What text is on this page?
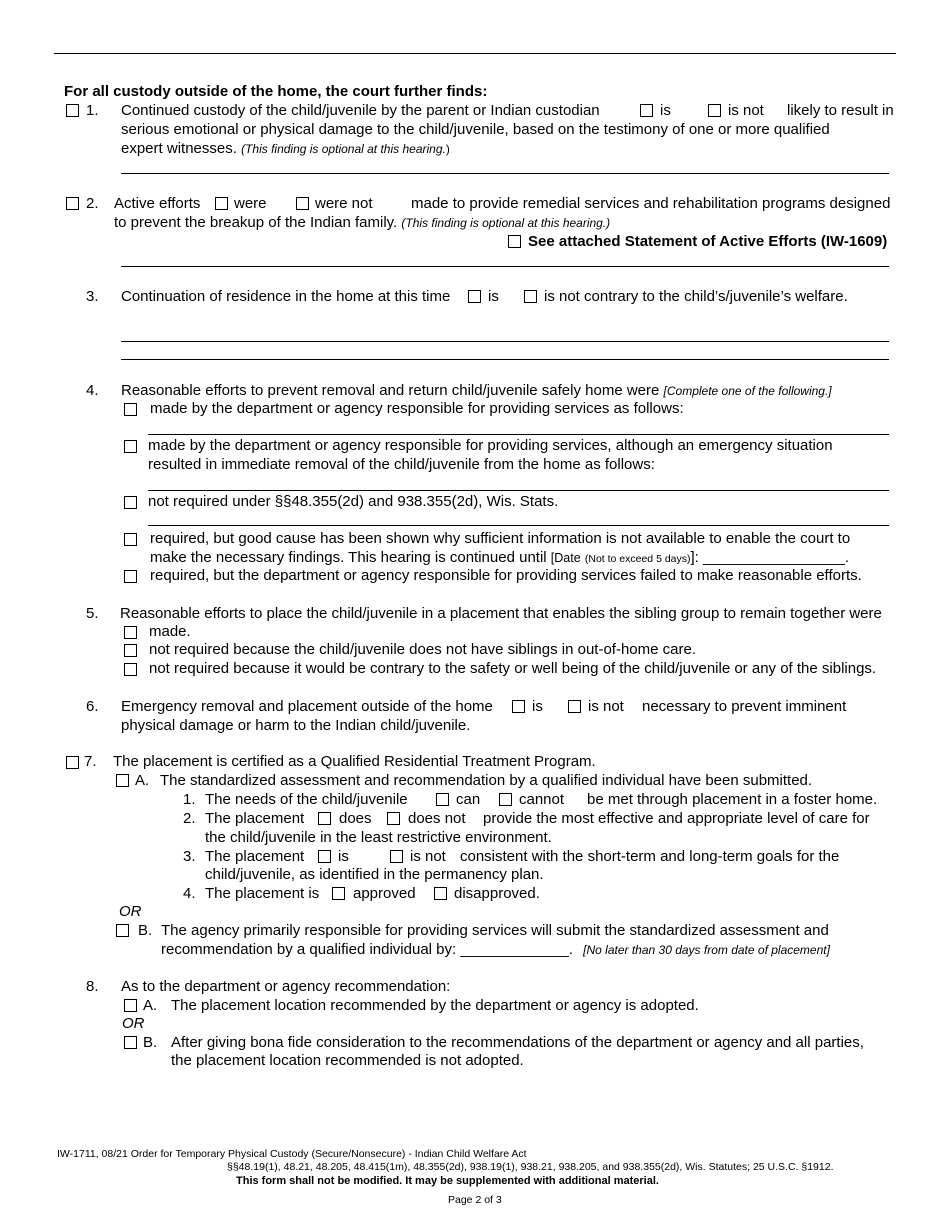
For all custody outside of the home, the court further finds:
1. Continued custody of the child/juvenile by the parent or Indian custodian	is	is not likely to result in
serious emotional or physical damage to the child/juvenile, based on the testimony of one or more qualified
expert witnesses. (This finding is optional at this hearing.)
2. Active efforts were	were not	made to provide remedial services and rehabilitation programs designed
to prevent the breakup of the Indian family. (This finding is optional at this hearing.)
See attached Statement of Active Efforts (IW-1609)
3. Continuation of residence in the home at this time	is	is not contrary to the child’s/juvenile’s welfare.
4. Reasonable efforts to prevent removal and return child/juvenile safely home were [Complete one of the following.]
made by the department or agency responsible for providing services as follows:
made by the department or agency responsible for providing services, although an emergency situation
resulted in immediate removal of the child/juvenile from the home as follows:
not required under §§48.355(2d) and 938.355(2d), Wis. Stats.
required, but good cause has been shown why sufficient information is not available to enable the court to
make the necessary findings. This hearing is continued until [Date (Not to exceed 5 days)]: _________________.
required, but the department or agency responsible for providing services failed to make reasonable efforts.
5. Reasonable efforts to place the child/juvenile in a placement that enables the sibling group to remain together were
made.
not required because the child/juvenile does not have siblings in out-of-home care.
not required because it would be contrary to the safety or well being of the child/juvenile or any of the siblings.
6. Emergency removal and placement outside of the home	is	is not necessary to prevent imminent
physical damage or harm to the Indian child/juvenile.
7. The placement is certified as a Qualified Residential Treatment Program.
A. The standardized assessment and recommendation by a qualified individual have been submitted.
1. The needs of the child/juvenile	can	cannot be met through placement in a foster home.
2. The placement does does not provide the most effective and appropriate level of care for
the child/juvenile in the least restrictive environment.
3. The placement is	is not consistent with the short-term and long-term goals for the
child/juvenile, as identified in the permanency plan.
4. The placement is approved	disapproved.
OR
B. The agency primarily responsible for providing services will submit the standardized assessment and
recommendation by a qualified individual by: _____________. [No later than 30 days from date of placement]
8. As to the department or agency recommendation:
A. The placement location recommended by the department or agency is adopted.
OR
B. After giving bona fide consideration to the recommendations of the department or agency and all parties,
the placement location recommended is not adopted.
IW-1711, 08/21 Order for Temporary Physical Custody (Secure/Nonsecure) - Indian Child Welfare Act
§§48.19(1), 48.21, 48.205, 48.415(1m), 48.355(2d), 938.19(1), 938.21, 938.205, and 938.355(2d), Wis. Statutes; 25 U.S.C. §1912.
This form shall not be modified. It may be supplemented with additional material.
Page 2 of 3
